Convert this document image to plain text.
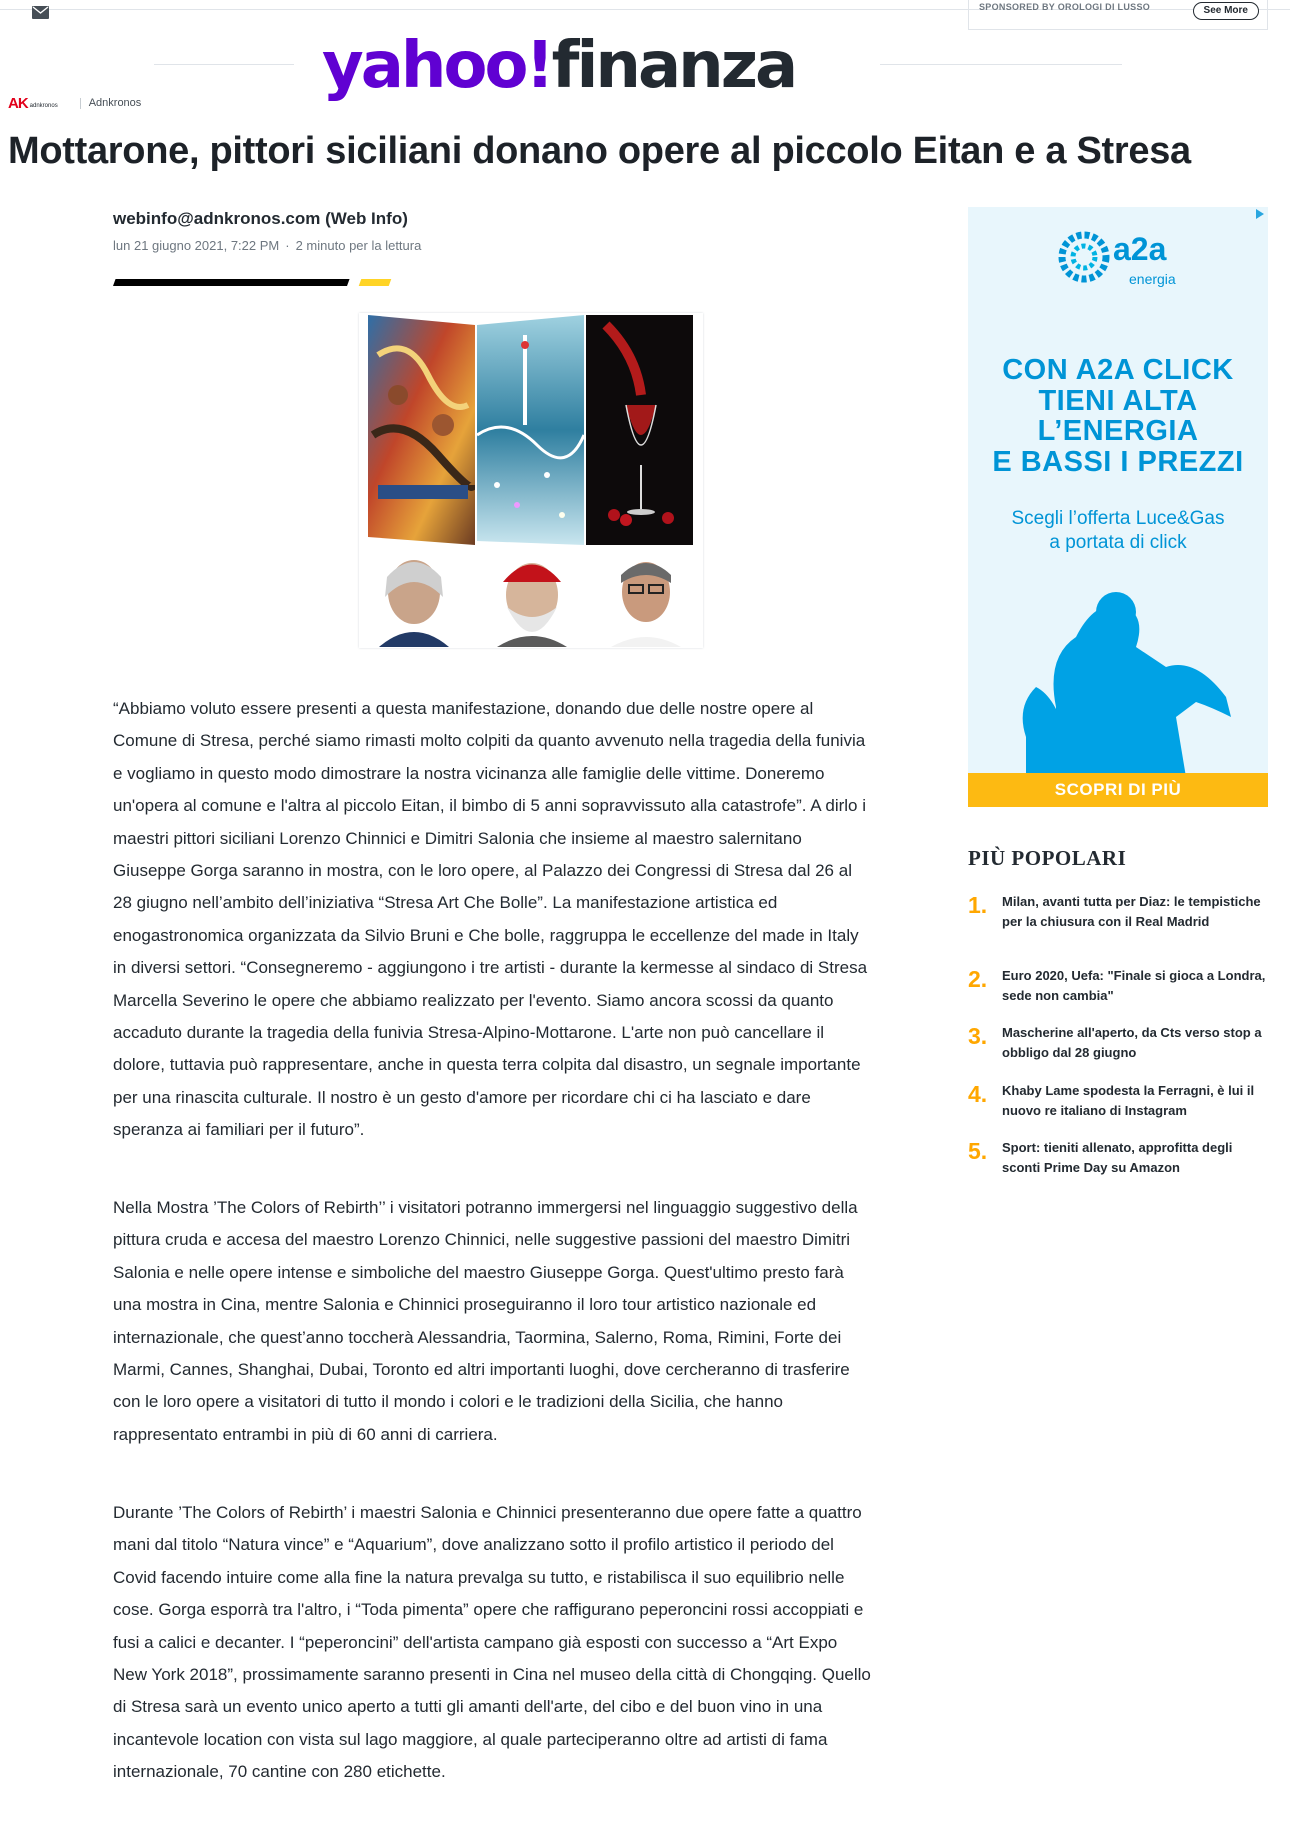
SPONSORED BY OROLOGI DI LUSSO	See More
yahoo!finanza
AK adnkronos	Adnkronos
Mottarone, pittori siciliani donano opere al piccolo Eitan e a Stresa
webinfo@adnkronos.com (Web Info)
lun 21 giugno 2021, 7:22 PM · 2 minuto per la lettura

“Abbiamo voluto essere presenti a questa manifestazione, donando due delle nostre opere al Comune di Stresa, perché siamo rimasti molto colpiti da quanto avvenuto nella tragedia della funivia e vogliamo in questo modo dimostrare la nostra vicinanza alle famiglie delle vittime. Doneremo un'opera al comune e l'altra al piccolo Eitan, il bimbo di 5 anni sopravvissuto alla catastrofe”. A dirlo i maestri pittori siciliani Lorenzo Chinnici e Dimitri Salonia che insieme al maestro salernitano Giuseppe Gorga saranno in mostra, con le loro opere, al Palazzo dei Congressi di Stresa dal 26 al 28 giugno nell’ambito dell’iniziativa “Stresa Art Che Bolle”. La manifestazione artistica ed enogastronomica organizzata da Silvio Bruni e Che bolle, raggruppa le eccellenze del made in Italy in diversi settori. “Consegneremo - aggiungono i tre artisti - durante la kermesse al sindaco di Stresa Marcella Severino le opere che abbiamo realizzato per l'evento. Siamo ancora scossi da quanto accaduto durante la tragedia della funivia Stresa-Alpino-Mottarone. L'arte non può cancellare il dolore, tuttavia può rappresentare, anche in questa terra colpita dal disastro, un segnale importante per una rinascita culturale. Il nostro è un gesto d'amore per ricordare chi ci ha lasciato e dare speranza ai familiari per il futuro”.

Nella Mostra ’The Colors of Rebirth’’ i visitatori potranno immergersi nel linguaggio suggestivo della pittura cruda e accesa del maestro Lorenzo Chinnici, nelle suggestive passioni del maestro Dimitri Salonia e nelle opere intense e simboliche del maestro Giuseppe Gorga. Quest'ultimo presto farà una mostra in Cina, mentre Salonia e Chinnici proseguiranno il loro tour artistico nazionale ed internazionale, che quest’anno toccherà Alessandria, Taormina, Salerno, Roma, Rimini, Forte dei Marmi, Cannes, Shanghai, Dubai, Toronto ed altri importanti luoghi, dove cercheranno di trasferire con le loro opere a visitatori di tutto il mondo i colori e le tradizioni della Sicilia, che hanno rappresentato entrambi in più di 60 anni di carriera.

Durante ’The Colors of Rebirth’ i maestri Salonia e Chinnici presenteranno due opere fatte a quattro mani dal titolo “Natura vince” e “Aquarium”, dove analizzano sotto il profilo artistico il periodo del Covid facendo intuire come alla fine la natura prevalga su tutto, e ristabilisca il suo equilibrio nelle cose. Gorga esporrà tra l'altro, i “Toda pimenta” opere che raffigurano peperoncini rossi accoppiati e fusi a calici e decanter. I “peperoncini” dell'artista campano già esposti con successo a “Art Expo New York 2018”, prossimamente saranno presenti in Cina nel museo della città di Chongqing. Quello di Stresa sarà un evento unico aperto a tutti gli amanti dell'arte, del cibo e del buon vino in una incantevole location con vista sul lago maggiore, al quale parteciperanno oltre ad artisti di fama internazionale, 70 cantine con 280 etichette.

a2a
energia
CON A2A CLICK
TIENI ALTA
L’ENERGIA
E BASSI I PREZZI
Scegli l’offerta Luce&Gas
a portata di click
SCOPRI DI PIÙ
PIÙ POPOLARI
1. Milan, avanti tutta per Diaz: le tempistiche per la chiusura con il Real Madrid
2. Euro 2020, Uefa: "Finale si gioca a Londra, sede non cambia"
3. Mascherine all'aperto, da Cts verso stop a obbligo dal 28 giugno
4. Khaby Lame spodesta la Ferragni, è lui il nuovo re italiano di Instagram
5. Sport: tieniti allenato, approfitta degli sconti Prime Day su Amazon
